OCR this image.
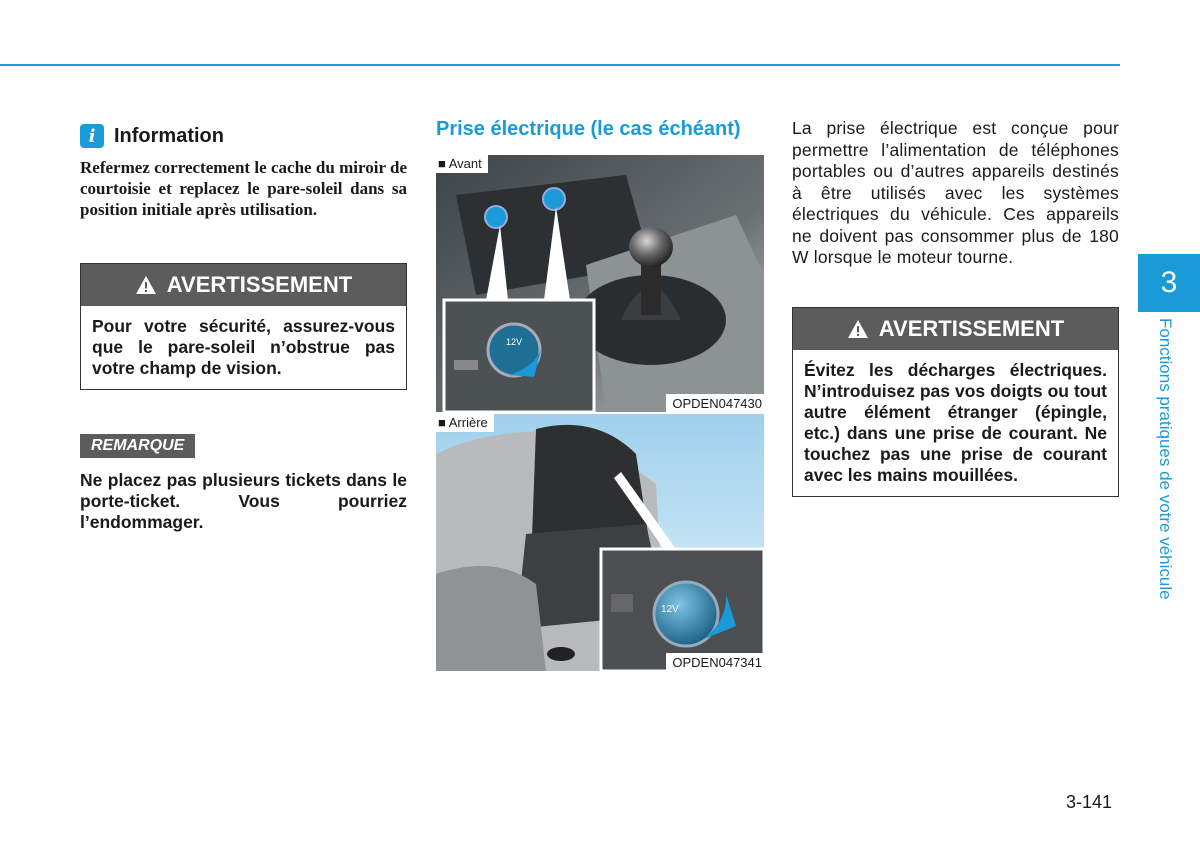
i Information
Refermez correctement le cache du miroir de courtoisie et replacez le pare-soleil dans sa position initiale après utilisation.
AVERTISSEMENT
Pour votre sécurité, assurez-vous que le pare-soleil n’obstrue pas votre champ de vision.
REMARQUE
Ne placez pas plusieurs tickets dans le porte-ticket. Vous pourriez l’endommager.
Prise électrique (le cas échéant)
12V
■ Avant
OPDEN047430
12V
■ Arrière
OPDEN047341
La prise électrique est conçue pour permettre l’alimentation de téléphones portables ou d’autres appareils destinés à être utilisés avec les systèmes électriques du véhicule. Ces appareils ne doivent pas consommer plus de 180 W lorsque le moteur tourne.
AVERTISSEMENT
Évitez les décharges électriques. N’introduisez pas vos doigts ou tout autre élément étranger (épingle, etc.) dans une prise de courant. Ne touchez pas une prise de courant avec les mains mouillées.
3
Fonctions pratiques de votre véhicule
3-141
